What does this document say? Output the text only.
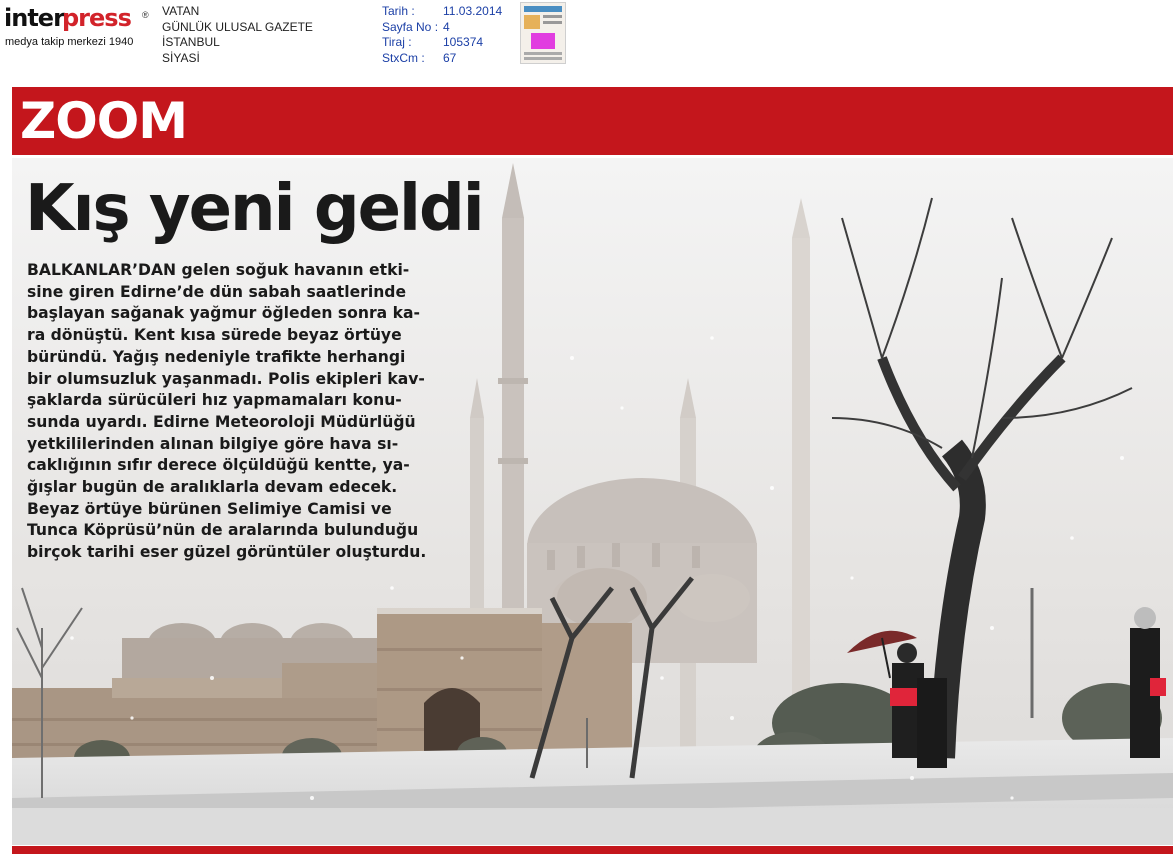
inter
press ®
medya takip merkezi 1940
VATAN
GÜNLÜK ULUSAL GAZETE
İSTANBUL
SİYASİ
Tarih : 11.03.2014
Sayfa No : 4
Tiraj :	105374
StxCm : 67
ZOOM
Kış yeni geldi
BALKANLAR’DAN gelen soğuk havanın etki-
sine giren Edirne’de dün sabah saatlerinde
başlayan sağanak yağmur öğleden sonra ka-
ra dönüştü. Kent kısa sürede beyaz örtüye
büründü. Yağış nedeniyle trafikte herhangi
bir olumsuzluk yaşanmadı. Polis ekipleri kav-
şaklarda sürücüleri hız yapmamaları konu-
sunda uyardı. Edirne Meteoroloji Müdürlüğü
yetkililerinden alınan bilgiye göre hava sı-
caklığının sıfır derece ölçüldüğü kentte, ya-
ğışlar bugün de aralıklarla devam edecek.
Beyaz örtüye bürünen Selimiye Camisi ve
Tunca Köprüsü’nün de aralarında bulunduğu
birçok tarihi eser güzel görüntüler oluşturdu.
